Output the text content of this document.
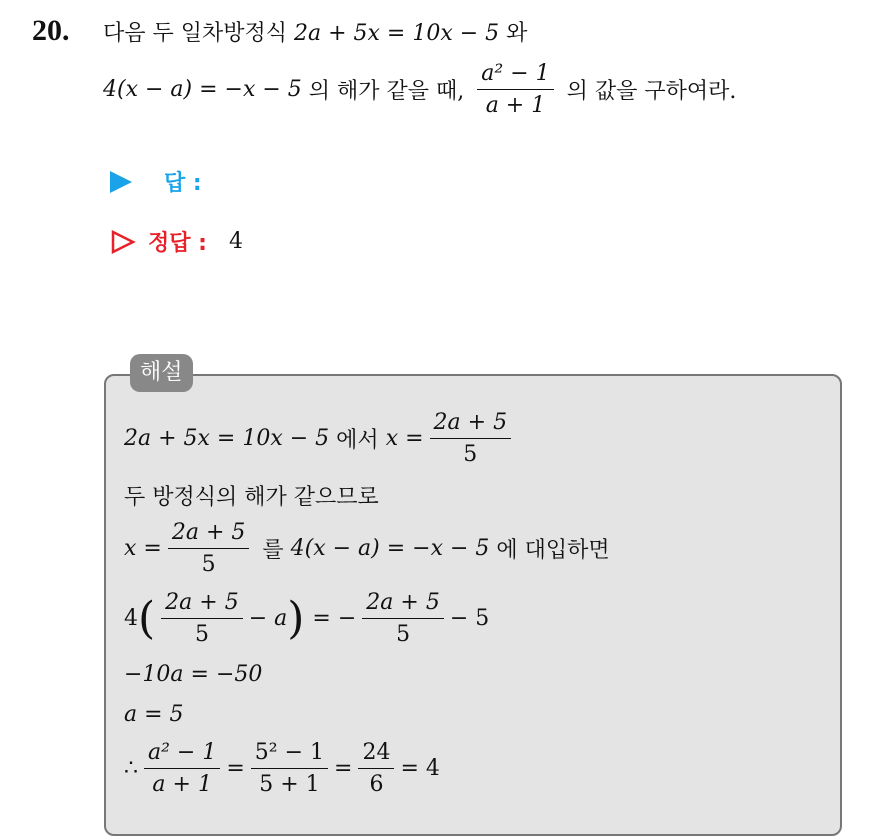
20. 다음 두 일차방정식 2a + 5x = 10x − 5 와
4(x − a) = −x − 5 의 해가 같을 때, $\frac{\text{a² − 1}}{a + 1}$ 의 값을 구하여라.
답 :
정답 : 4
해설
2a + 5x = 10x − 5 에서 $x = \frac{2a + 5}{5}$
두 방정식의 해가 같으므로
$x = \frac{2a + 5}{5}$ 를 4(x − a) = −x − 5 에 대입하면
4 ( $\frac{2a + 5}{5} - a$ ) = − $\frac{2a + 5}{5} - 5$
−10a = −50
a = 5
∴ $\frac{\text{a² − 1}}{a + 1} = \frac{\text{5² − 1}}{5 + 1} = \frac{24}{6} = 4$
